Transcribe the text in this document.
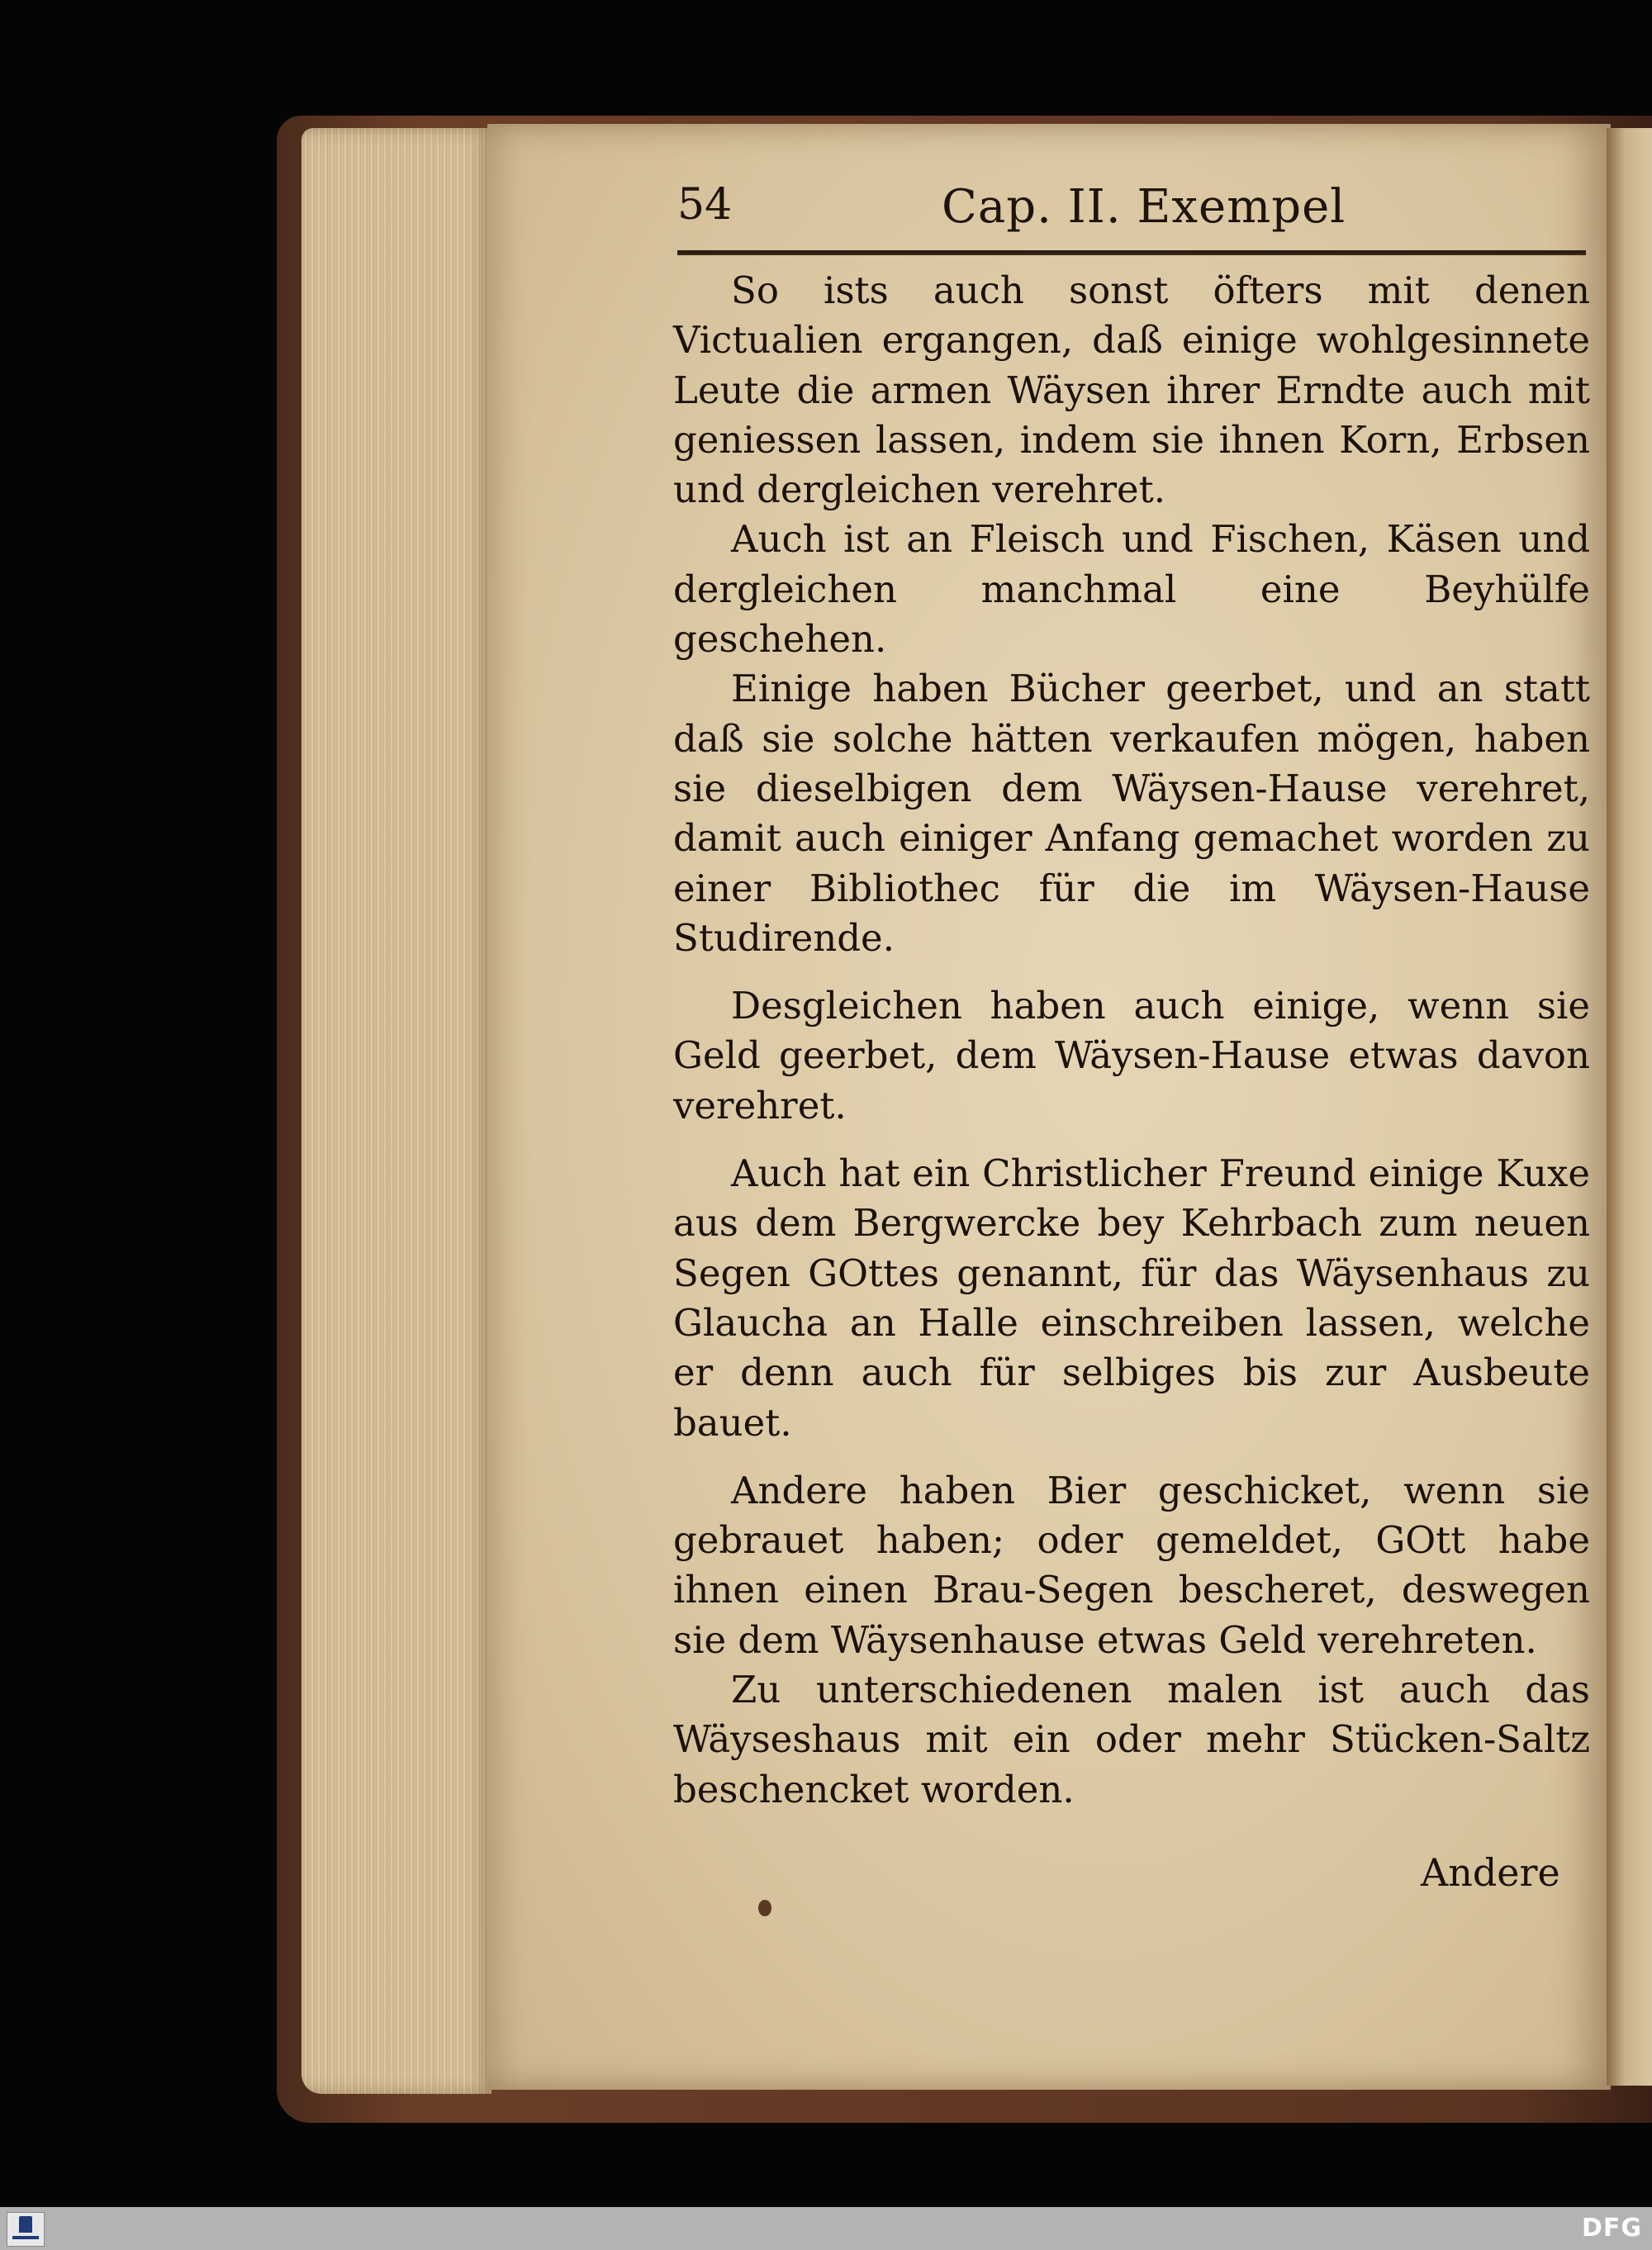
54	Cap. II. Exempel

So ists auch sonst öfters mit denen Victualien ergangen, daß einige wohlgesinnete Leute die armen Wäysen ihrer Erndte auch mit geniessen lassen, indem sie ihnen Korn, Erbsen und dergleichen verehret.

Auch ist an Fleisch und Fischen, Käsen und dergleichen manchmal eine Beyhülfe geschehen.

Einige haben Bücher geerbet, und an statt daß sie solche hätten verkaufen mögen, haben sie dieselbigen dem Wäysen-Hause verehret, damit auch einiger Anfang gemachet worden zu einer Bibliothec für die im Wäysen-Hause Studirende.

Desgleichen haben auch einige, wenn sie Geld geerbet, dem Wäysen-Hause etwas davon verehret.

Auch hat ein Christlicher Freund einige Kuxe aus dem Bergwercke bey Kehrbach zum neuen Segen GOttes genannt, für das Wäysenhaus zu Glaucha an Halle einschreiben lassen, welche er denn auch für selbiges bis zur Ausbeute bauet.

Andere haben Bier geschicket, wenn sie gebrauet haben; oder gemeldet, GOtt habe ihnen einen Brau-Segen bescheret, deswegen sie dem Wäysenhause etwas Geld verehreten.

Zu unterschiedenen malen ist auch das Wäyseshaus mit ein oder mehr Stücken-Saltz beschencket worden.

Andere
DFG
